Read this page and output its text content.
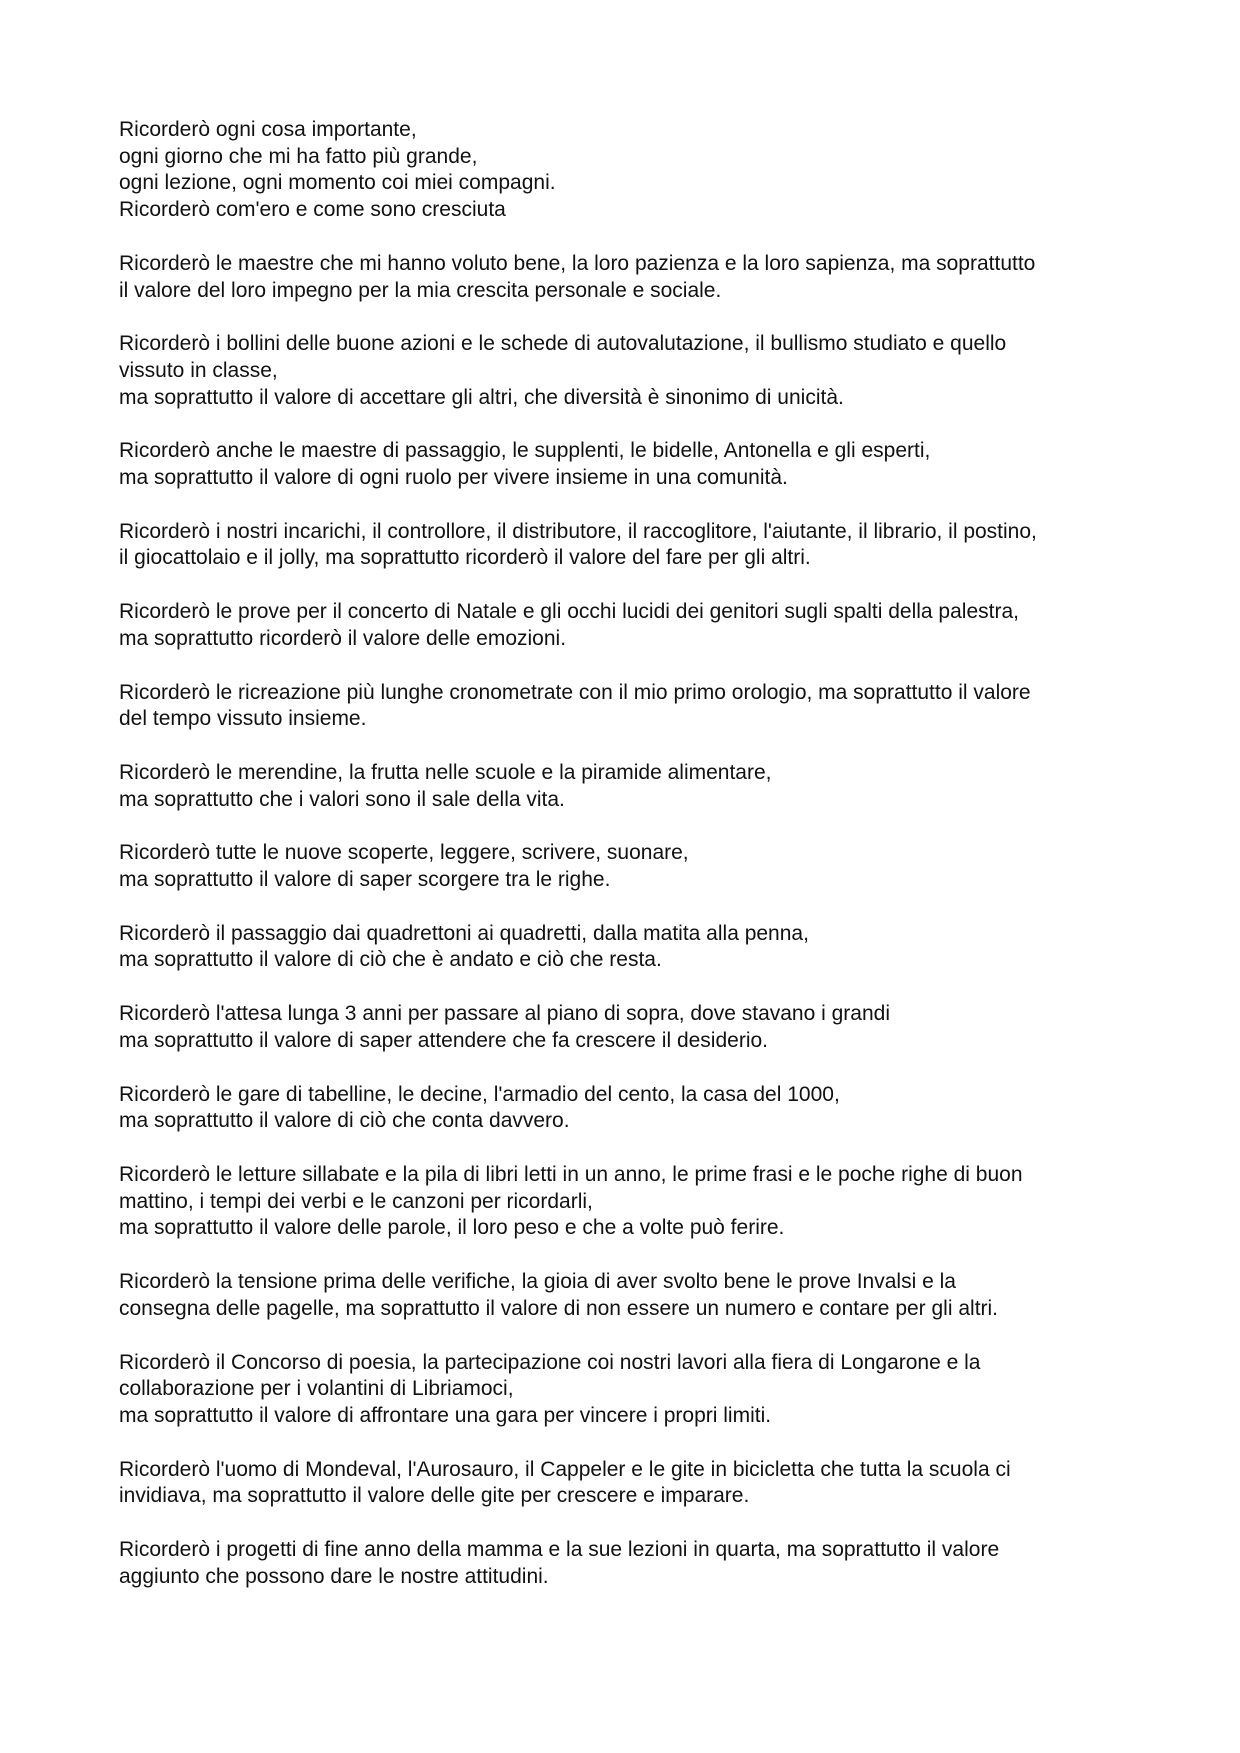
Ricorderò ogni cosa importante,
ogni giorno che mi ha fatto più grande,
ogni lezione, ogni momento coi miei compagni.
Ricorderò com'ero e come sono cresciuta
Ricorderò le maestre che mi hanno voluto bene, la loro pazienza e la loro sapienza, ma soprattutto
il valore del loro impegno per la mia crescita personale e sociale.
Ricorderò i bollini delle buone azioni e le schede di autovalutazione, il bullismo studiato e quello
vissuto in classe,
ma soprattutto il valore di accettare gli altri, che diversità è sinonimo di unicità.
Ricorderò anche le maestre di passaggio, le supplenti, le bidelle, Antonella e gli esperti,
ma soprattutto il valore di ogni ruolo per vivere insieme in una comunità.
Ricorderò i nostri incarichi, il controllore, il distributore, il raccoglitore, l'aiutante, il librario, il postino,
il giocattolaio e il jolly, ma soprattutto ricorderò il valore del fare per gli altri.
Ricorderò le prove per il concerto di Natale e gli occhi lucidi dei genitori sugli spalti della palestra,
ma soprattutto ricorderò il valore delle emozioni.
Ricorderò le ricreazione più lunghe cronometrate con il mio primo orologio, ma soprattutto il valore
del tempo vissuto insieme.
Ricorderò le merendine, la frutta nelle scuole e la piramide alimentare,
ma soprattutto che i valori sono il sale della vita.
Ricorderò tutte le nuove scoperte, leggere, scrivere, suonare,
ma soprattutto il valore di saper scorgere tra le righe.
Ricorderò il passaggio dai quadrettoni ai quadretti, dalla matita alla penna,
ma soprattutto il valore di ciò che è andato e ciò che resta.
Ricorderò l'attesa lunga 3 anni per passare al piano di sopra, dove stavano i grandi
ma soprattutto il valore di saper attendere che fa crescere il desiderio.
Ricorderò le gare di tabelline, le decine, l'armadio del cento, la casa del 1000,
ma soprattutto il valore di ciò che conta davvero.
Ricorderò le letture sillabate e la pila di libri letti in un anno, le prime frasi e le poche righe di buon
mattino, i tempi dei verbi e le canzoni per ricordarli,
ma soprattutto il valore delle parole, il loro peso e che a volte può ferire.
Ricorderò la tensione prima delle verifiche, la gioia di aver svolto bene le prove Invalsi e la
consegna delle pagelle, ma soprattutto il valore di non essere un numero e contare per gli altri.
Ricorderò il Concorso di poesia, la partecipazione coi nostri lavori alla fiera di Longarone e la
collaborazione per i volantini di Libriamoci,
ma soprattutto il valore di affrontare una gara per vincere i propri limiti.
Ricorderò l'uomo di Mondeval, l'Aurosauro, il Cappeler e le gite in bicicletta che tutta la scuola ci
invidiava, ma soprattutto il valore delle gite per crescere e imparare.
Ricorderò i progetti di fine anno della mamma e la sue lezioni in quarta, ma soprattutto il valore
aggiunto che possono dare le nostre attitudini.
